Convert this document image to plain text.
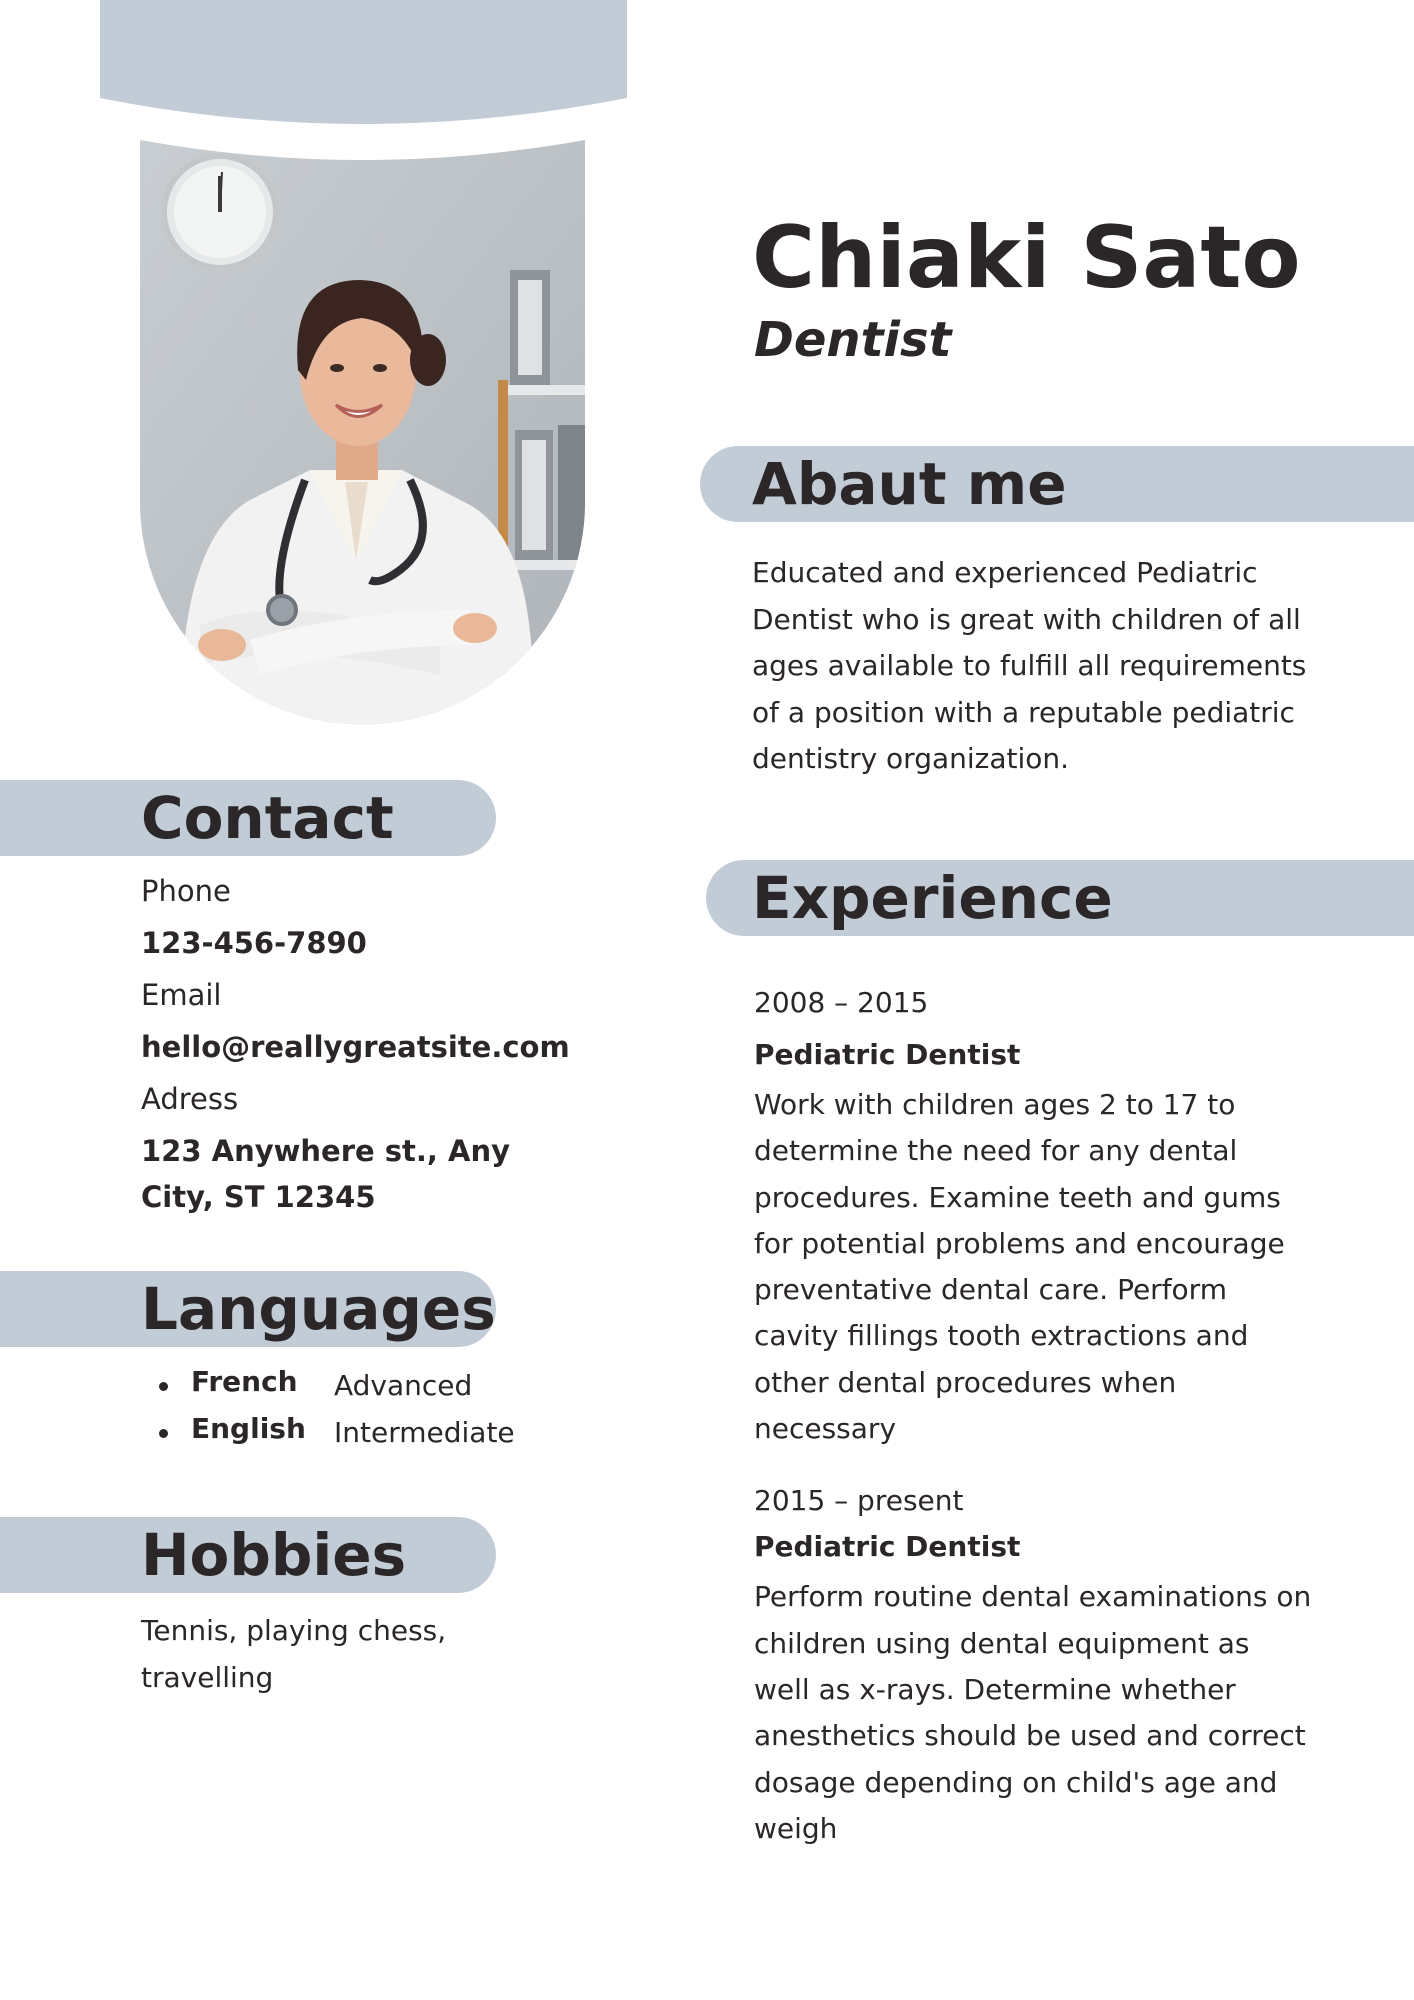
Chiaki Sato
Dentist
Abaut me

Educated and experienced Pediatric Dentist who is great with children of all ages available to fulfill all requirements of a position with a reputable pediatric dentistry organization.

Experience

2008 – 2015

Pediatric Dentist

Work with children ages 2 to 17 to determine the need for any dental procedures. Examine teeth and gums for potential problems and encourage preventative dental care. Perform cavity fillings tooth extractions and other dental procedures when necessary

2015 – present

Pediatric Dentist

Perform routine dental examinations on children using dental equipment as well as x-rays. Determine whether anesthetics should be used and correct dosage depending on child's age and weigh

Contact

Phone

123-456-7890

Email

hello@reallygreatsite.com

Adress

123 Anywhere st., Any City, ST 12345

Languages
French Advanced
English Intermediate
Hobbies

Tennis, playing chess, travelling
